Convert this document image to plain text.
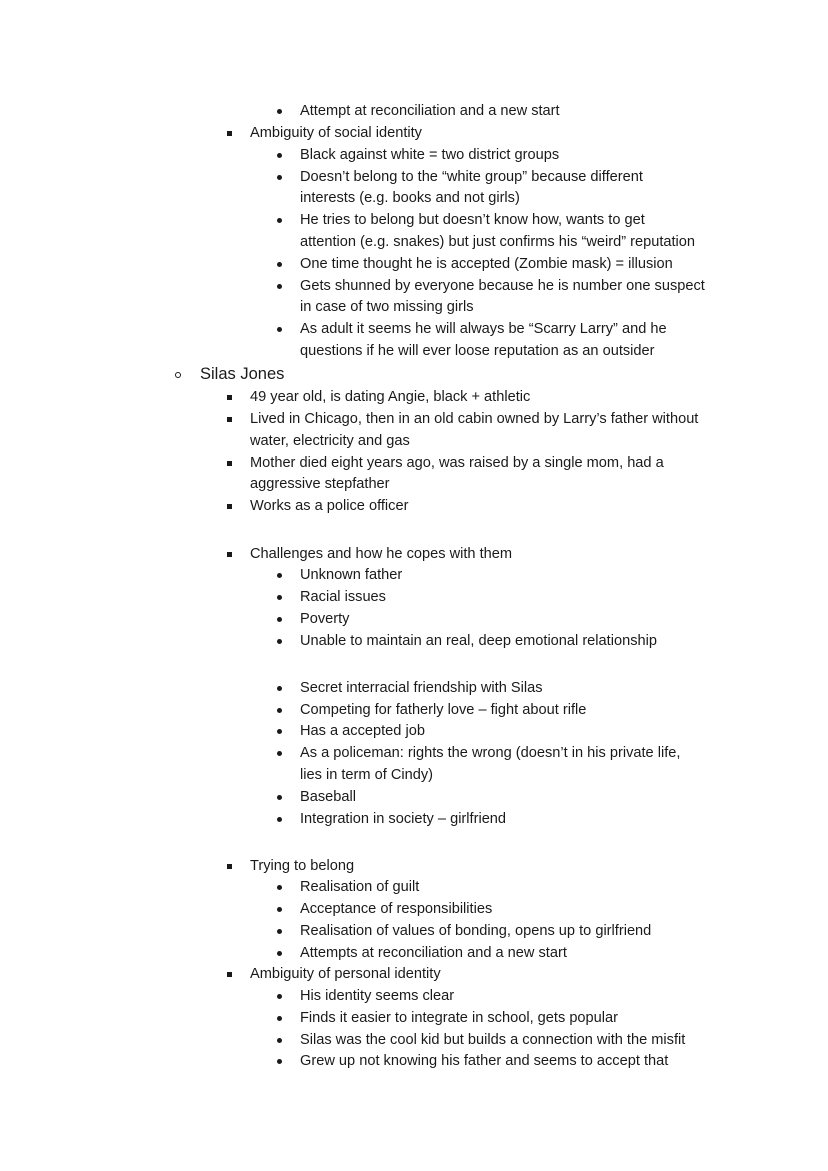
Attempt at reconciliation and a new start
Ambiguity of social identity
Black against white = two district groups
Doesn’t belong to the “white group” because different
interests (e.g. books and not girls)
He tries to belong but doesn’t know how, wants to get
attention (e.g. snakes) but just confirms his “weird” reputation
One time thought he is accepted (Zombie mask) = illusion
Gets shunned by everyone because he is number one suspect
in case of two missing girls
As adult it seems he will always be “Scarry Larry” and he
questions if he will ever loose reputation as an outsider
Silas Jones
49 year old, is dating Angie, black + athletic
Lived in Chicago, then in an old cabin owned by Larry’s father without
water, electricity and gas
Mother died eight years ago, was raised by a single mom, had a
aggressive stepfather
Works as a police officer
Challenges and how he copes with them
Unknown father
Racial issues
Poverty
Unable to maintain an real, deep emotional relationship
Secret interracial friendship with Silas
Competing for fatherly love – fight about rifle
Has a accepted job
As a policeman: rights the wrong (doesn’t in his private life,
lies in term of Cindy)
Baseball
Integration in society – girlfriend
Trying to belong
Realisation of guilt
Acceptance of responsibilities
Realisation of values of bonding, opens up to girlfriend
Attempts at reconciliation and a new start
Ambiguity of personal identity
His identity seems clear
Finds it easier to integrate in school, gets popular
Silas was the cool kid but builds a connection with the misfit
Grew up not knowing his father and seems to accept that
